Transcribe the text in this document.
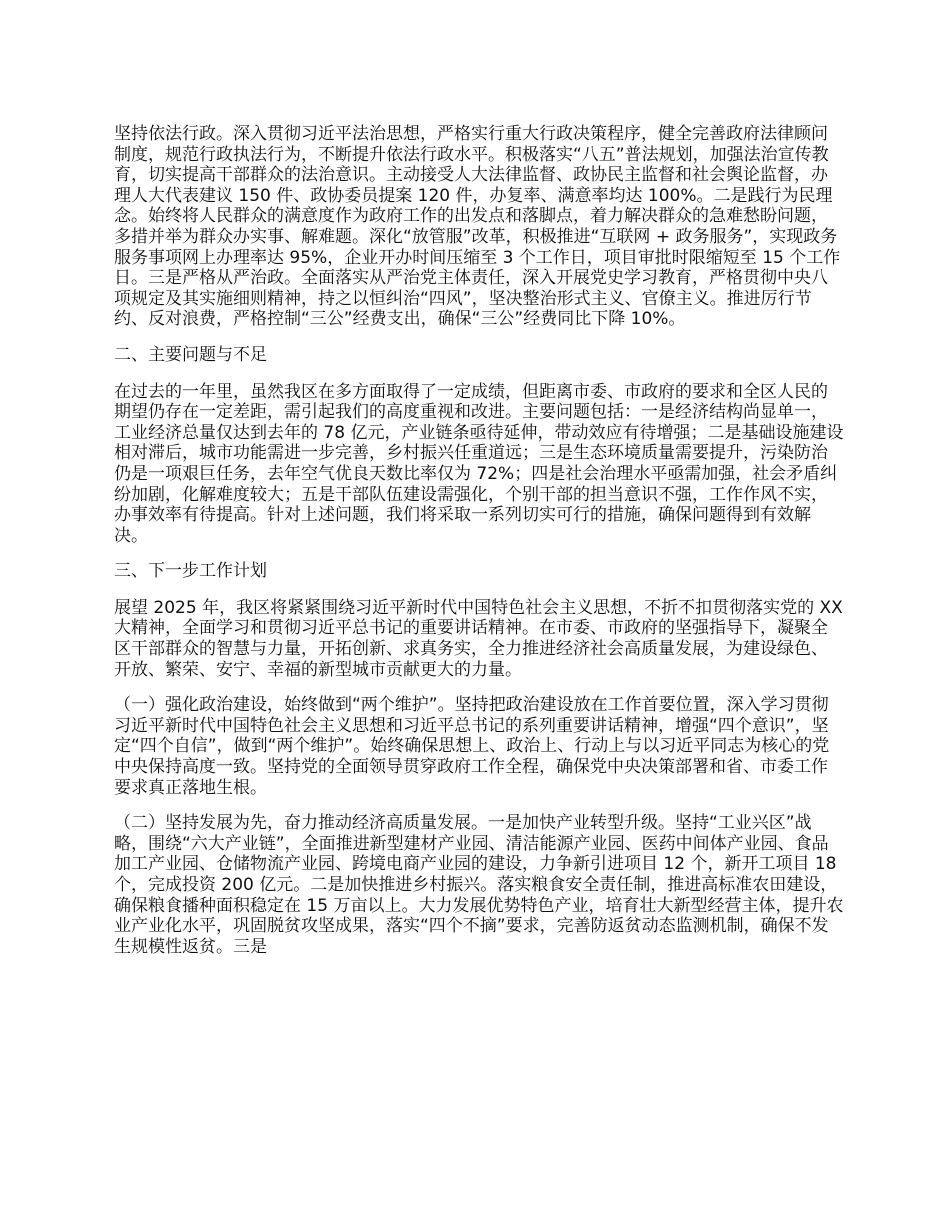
坚持依法行政。深入贯彻习近平法治思想，严格实行重大行政决策程序，健全完善政府法律顾问制度，规范行政执法行为，不断提升依法行政水平。积极落实“八五”普法规划，加强法治宣传教育，切实提高干部群众的法治意识。主动接受人大法律监督、政协民主监督和社会舆论监督，办理人大代表建议 150 件、政协委员提案 120 件，办复率、满意率均达 100%。二是践行为民理念。始终将人民群众的满意度作为政府工作的出发点和落脚点，着力解决群众的急难愁盼问题，多措并举为群众办实事、解难题。深化“放管服”改革，积极推进“互联网 + 政务服务”，实现政务服务事项网上办理率达 95%，企业开办时间压缩至 3 个工作日，项目审批时限缩短至 15 个工作日。三是严格从严治政。全面落实从严治党主体责任，深入开展党史学习教育，严格贯彻中央八项规定及其实施细则精神，持之以恒纠治“四风”，坚决整治形式主义、官僚主义。推进厉行节约、反对浪费，严格控制“三公”经费支出，确保“三公”经费同比下降 10%。

二、主要问题与不足

在过去的一年里，虽然我区在多方面取得了一定成绩，但距离市委、市政府的要求和全区人民的期望仍存在一定差距，需引起我们的高度重视和改进。主要问题包括：一是经济结构尚显单一，工业经济总量仅达到去年的 78 亿元，产业链条亟待延伸，带动效应有待增强；二是基础设施建设相对滞后，城市功能需进一步完善，乡村振兴任重道远；三是生态环境质量需要提升，污染防治仍是一项艰巨任务，去年空气优良天数比率仅为 72%；四是社会治理水平亟需加强，社会矛盾纠纷加剧，化解难度较大；五是干部队伍建设需强化，个别干部的担当意识不强，工作作风不实，办事效率有待提高。针对上述问题，我们将采取一系列切实可行的措施，确保问题得到有效解决。

三、下一步工作计划

展望 2025 年，我区将紧紧围绕习近平新时代中国特色社会主义思想，不折不扣贯彻落实党的 XX 大精神，全面学习和贯彻习近平总书记的重要讲话精神。在市委、市政府的坚强指导下，凝聚全区干部群众的智慧与力量，开拓创新、求真务实，全力推进经济社会高质量发展，为建设绿色、开放、繁荣、安宁、幸福的新型城市贡献更大的力量。

（一）强化政治建设，始终做到“两个维护”。坚持把政治建设放在工作首要位置，深入学习贯彻习近平新时代中国特色社会主义思想和习近平总书记的系列重要讲话精神，增强“四个意识”，坚定“四个自信”，做到“两个维护”。始终确保思想上、政治上、行动上与以习近平同志为核心的党中央保持高度一致。坚持党的全面领导贯穿政府工作全程，确保党中央决策部署和省、市委工作要求真正落地生根。

（二）坚持发展为先，奋力推动经济高质量发展。一是加快产业转型升级。坚持“工业兴区”战略，围绕“六大产业链”，全面推进新型建材产业园、清洁能源产业园、医药中间体产业园、食品加工产业园、仓储物流产业园、跨境电商产业园的建设，力争新引进项目 12 个，新开工项目 18 个，完成投资 200 亿元。二是加快推进乡村振兴。落实粮食安全责任制，推进高标准农田建设，确保粮食播种面积稳定在 15 万亩以上。大力发展优势特色产业，培育壮大新型经营主体，提升农业产业化水平，巩固脱贫攻坚成果，落实“四个不摘”要求，完善防返贫动态监测机制，确保不发生规模性返贫。三是
